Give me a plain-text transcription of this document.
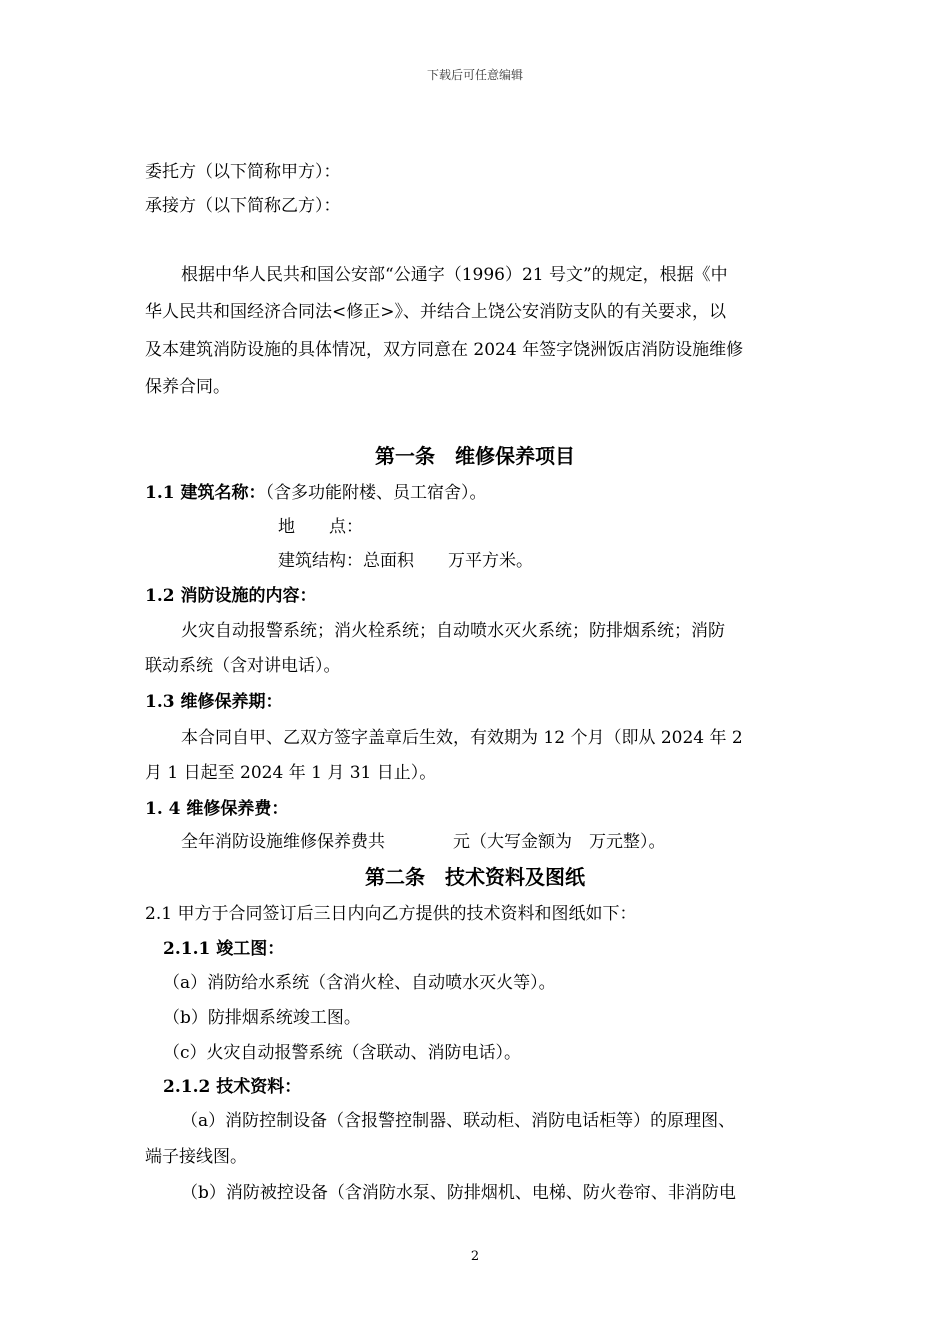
下载后可任意编辑
委托方（以下简称甲方）：
承接方（以下简称乙方）：
根据中华人民共和国公安部“公通字（1996）21 号文”的规定，根据《中
华人民共和国经济合同法<修正>》、并结合上饶公安消防支队的有关要求，以
及本建筑消防设施的具体情况，双方同意在 2024 年签字饶洲饭店消防设施维修
保养合同。
第一条　维修保养项目
1.1 建筑名称：（含多功能附楼、员工宿舍）。
地　　点：
建筑结构：总面积　　万平方米。
1.2 消防设施的内容：
火灾自动报警系统；消火栓系统；自动喷水灭火系统；防排烟系统；消防
联动系统（含对讲电话）。
1.3 维修保养期：
本合同自甲、乙双方签字盖章后生效，有效期为 12 个月（即从 2024 年 2
月 1 日起至 2024 年 1 月 31 日止）。
1. 4 维修保养费：
全年消防设施维修保养费共　　　　元（大写金额为　万元整）。
第二条　技术资料及图纸
2.1 甲方于合同签订后三日内向乙方提供的技术资料和图纸如下：
2.1.1 竣工图：
（a）消防给水系统（含消火栓、自动喷水灭火等）。
（b）防排烟系统竣工图。
（c）火灾自动报警系统（含联动、消防电话）。
2.1.2 技术资料：
（a）消防控制设备（含报警控制器、联动柜、消防电话柜等）的原理图、
端子接线图。
（b）消防被控设备（含消防水泵、防排烟机、电梯、防火卷帘、非消防电
2
